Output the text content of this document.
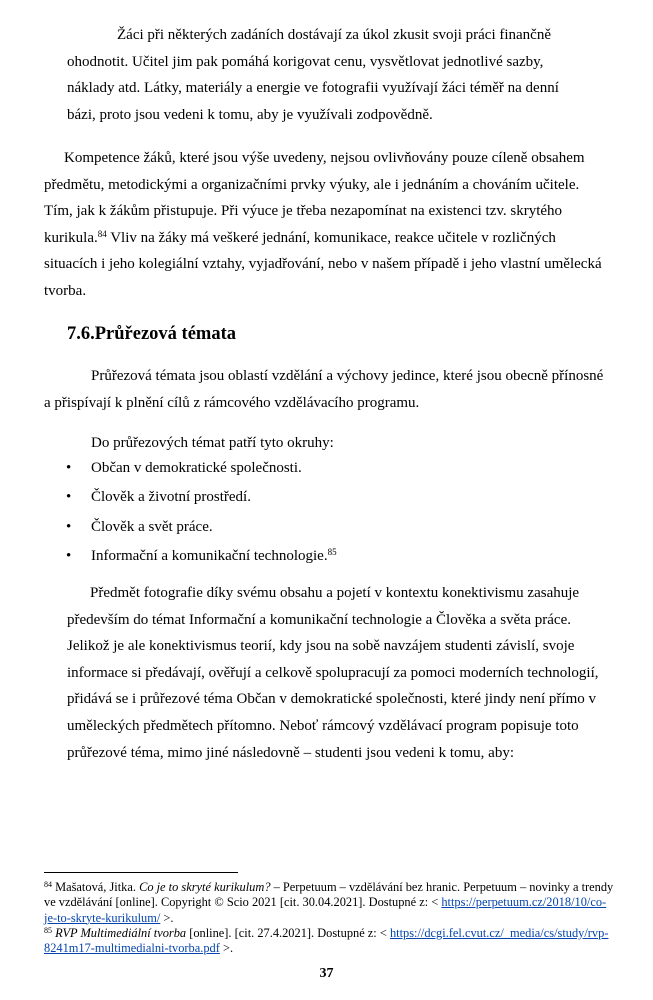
Žáci při některých zadáních dostávají za úkol zkusit svoji práci finančně ohodnotit. Učitel jim pak pomáhá korigovat cenu, vysvětlovat jednotlivé sazby, náklady atd. Látky, materiály a energie ve fotografii využívají žáci téměř na denní bázi, proto jsou vedeni k tomu, aby je využívali zodpovědně.

Kompetence žáků, které jsou výše uvedeny, nejsou ovlivňovány pouze cíleně obsahem předmětu, metodickými a organizačními prvky výuky, ale i jednáním a chováním učitele. Tím, jak k žákům přistupuje. Při výuce je třeba nezapomínat na existenci tzv. skrytého kurikula.$^{84}$ Vliv na žáky má veškeré jednání, komunikace, reakce učitele v rozličných situacích i jeho kolegiální vztahy, vyjadřování, nebo v našem případě i jeho vlastní umělecká tvorba.

7.6.Průřezová témata

Průřezová témata jsou oblastí vzdělání a výchovy jedince, které jsou obecně přínosné a přispívají k plnění cílů z rámcového vzdělávacího programu.

Do průřezových témat patří tyto okruhy:

• Občan v demokratické společnosti.
• Člověk a životní prostředí.
• Člověk a svět práce.
• Informační a komunikační technologie.$^{85}$

Předmět fotografie díky svému obsahu a pojetí v kontextu konektivismu zasahuje především do témat Informační a komunikační technologie a Člověka a světa práce. Jelikož je ale konektivismus teorií, kdy jsou na sobě navzájem studenti závislí, svoje informace si předávají, ověřují a celkově spolupracují za pomoci moderních technologií, přidává se i průřezové téma Občan v demokratické společnosti, které jindy není přímo v uměleckých předmětech přítomno. Neboť rámcový vzdělávací program popisuje toto průřezové téma, mimo jiné následovně – studenti jsou vedeni k tomu, aby:

$^{84}$ Mašatová, Jitka. Co je to skryté kurikulum? – Perpetuum – vzdělávání bez hranic. Perpetuum – novinky a trendy ve vzdělávání [online]. Copyright © Scio 2021 [cit. 30.04.2021]. Dostupné z: < https://perpetuum.cz/2018/10/co-je-to-skryte-kurikulum/ >.

$^{85}$ RVP Multimediální tvorba [online]. [cit. 27.4.2021]. Dostupné z: < https://dcgi.fel.cvut.cz/_media/cs/study/rvp-8241m17-multimedialni-tvorba.pdf >.

37
